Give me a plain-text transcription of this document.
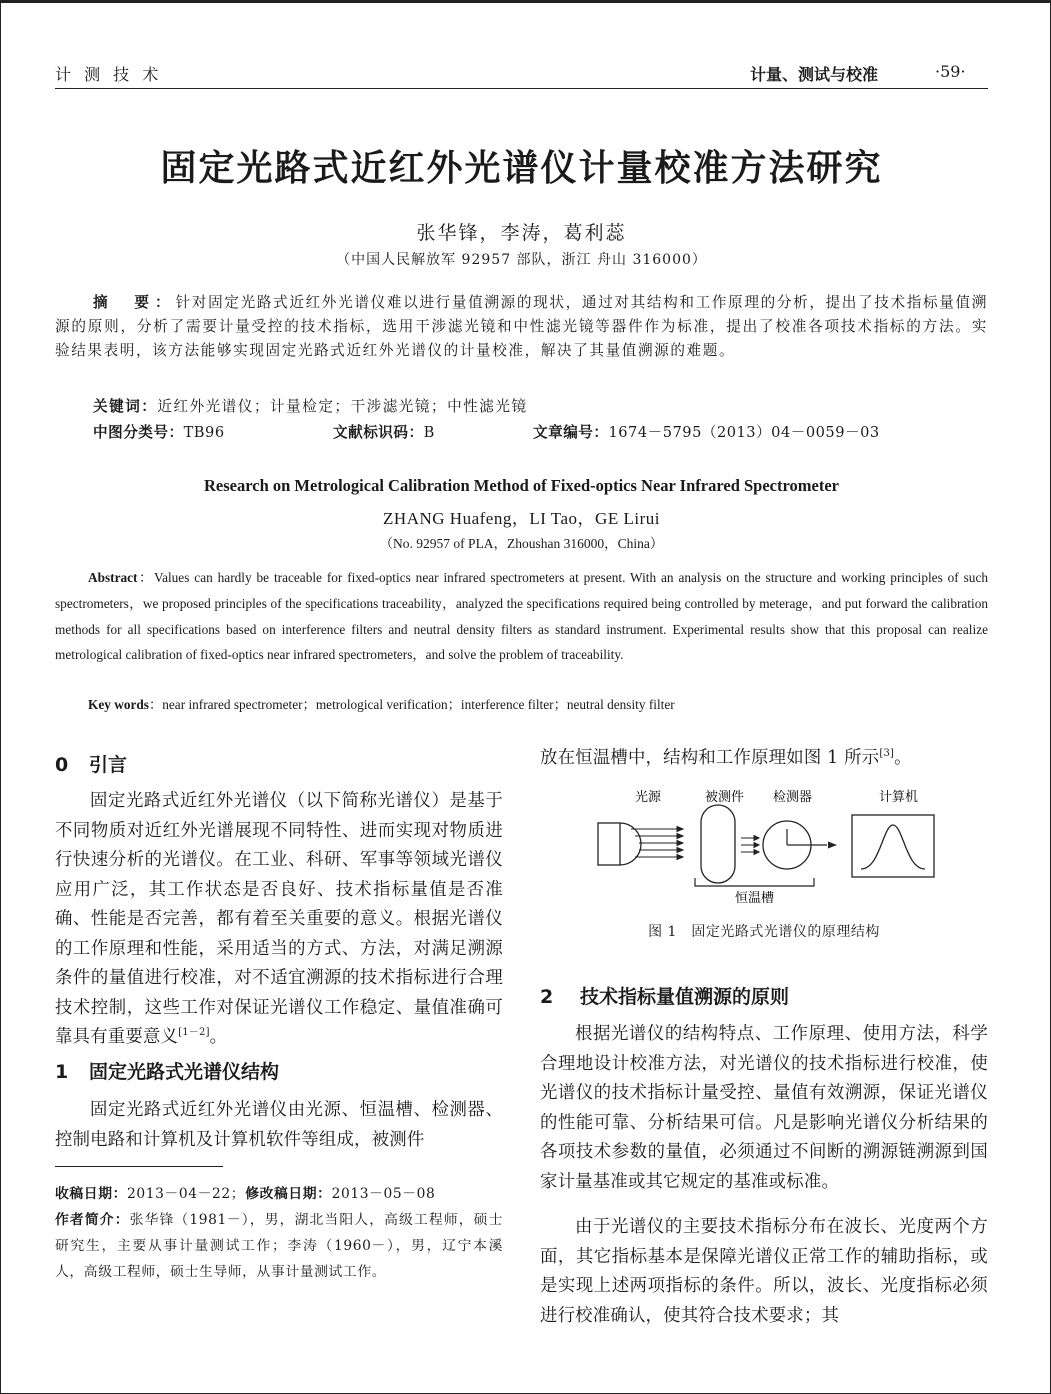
计 测 技 术	计量、测试与校准	·59·
固定光路式近红外光谱仪计量校准方法研究
张华锋，李涛，葛利蕊
（中国人民解放军 92957 部队，浙江 舟山 316000）
摘　要：针对固定光路式近红外光谱仪难以进行量值溯源的现状，通过对其结构和工作原理的分析，提出了技术指标量值溯源的原则，分析了需要计量受控的技术指标，选用干涉滤光镜和中性滤光镜等器件作为标准，提出了校准各项技术指标的方法。实验结果表明，该方法能够实现固定光路式近红外光谱仪的计量校准，解决了其量值溯源的难题。
关键词：近红外光谱仪；计量检定；干涉滤光镜；中性滤光镜
中图分类号：TB96	文献标识码：B	文章编号：1674－5795（2013）04－0059－03
Research on Metrological Calibration Method of Fixed-optics Near Infrared Spectrometer
ZHANG Huafeng，LI Tao，GE Lirui
（No. 92957 of PLA，Zhoushan 316000，China）
Abstract：Values can hardly be traceable for fixed-optics near infrared spectrometers at present. With an analysis on the structure and working principles of such spectrometers，we proposed principles of the specifications traceability，analyzed the specifications required being controlled by meterage，and put forward the calibration methods for all specifications based on interference filters and neutral density filters as standard instrument. Experimental results show that this proposal can realize metrological calibration of fixed-optics near infrared spectrometers，and solve the problem of traceability.
Key words：near infrared spectrometer；metrological verification；interference filter；neutral density filter
0 引言
固定光路式近红外光谱仪（以下简称光谱仪）是基于不同物质对近红外光谱展现不同特性、进而实现对物质进行快速分析的光谱仪。在工业、科研、军事等领域光谱仪应用广泛，其工作状态是否良好、技术指标量值是否准确、性能是否完善，都有着至关重要的意义。根据光谱仪的工作原理和性能，采用适当的方式、方法，对满足溯源条件的量值进行校准，对不适宜溯源的技术指标进行合理技术控制，这些工作对保证光谱仪工作稳定、量值准确可靠具有重要意义[1－2]。
1 固定光路式光谱仪结构
固定光路式近红外光谱仪由光源、恒温槽、检测器、控制电路和计算机及计算机软件等组成，被测件
收稿日期：2013－04－22；修改稿日期：2013－05－08
作者简介：张华锋（1981－），男，湖北当阳人，高级工程师，硕士研究生，主要从事计量测试工作；李涛（1960－），男，辽宁本溪人，高级工程师，硕士生导师，从事计量测试工作。
放在恒温槽中，结构和工作原理如图 1 所示[3]。
光源	被测件 检测器	计算机
恒温槽
图 1　固定光路式光谱仪的原理结构
2 技术指标量值溯源的原则
根据光谱仪的结构特点、工作原理、使用方法，科学合理地设计校准方法，对光谱仪的技术指标进行校准，使光谱仪的技术指标计量受控、量值有效溯源，保证光谱仪的性能可靠、分析结果可信。凡是影响光谱仪分析结果的各项技术参数的量值，必须通过不间断的溯源链溯源到国家计量基准或其它规定的基准或标准。
由于光谱仪的主要技术指标分布在波长、光度两个方面，其它指标基本是保障光谱仪正常工作的辅助指标，或是实现上述两项指标的条件。所以，波长、光度指标必须进行校准确认，使其符合技术要求；其
